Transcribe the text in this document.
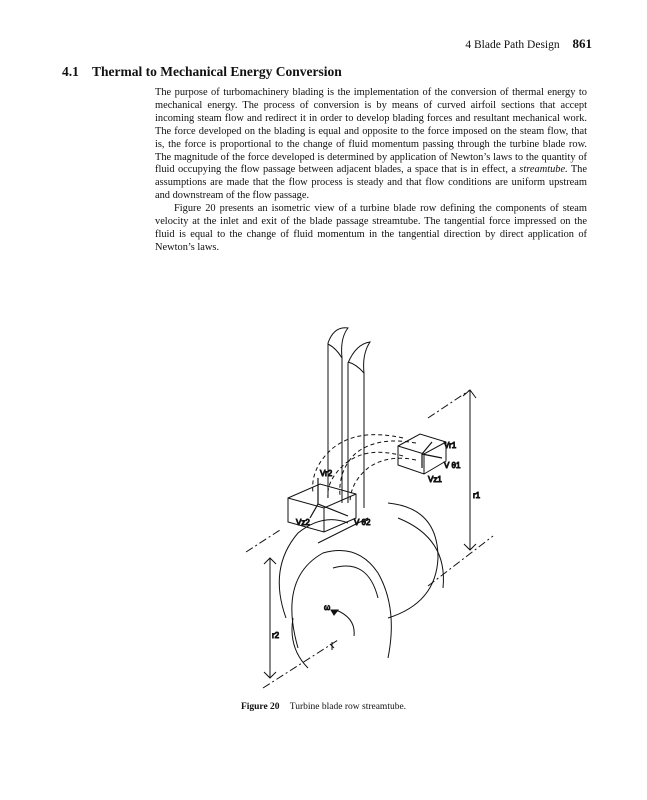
4 Blade Path Design 861
4.1 Thermal to Mechanical Energy Conversion

The purpose of turbomachinery blading is the implementation of the conversion of thermal energy to mechanical energy. The process of conversion is by means of curved airfoil sections that accept incoming steam flow and redirect it in order to develop blading forces and resultant mechanical work. The force developed on the blading is equal and opposite to the force imposed on the steam flow, that is, the force is proportional to the change of fluid momentum passing through the turbine blade row. The magnitude of the force developed is determined by application of Newton’s laws to the quantity of fluid occupying the flow passage between adjacent blades, a space that is in effect, a streamtube. The assumptions are made that the flow process is steady and that flow conditions are uniform upstream and downstream of the flow passage.

Figure 20 presents an isometric view of a turbine blade row defining the components of steam velocity at the inlet and exit of the blade passage streamtube. The tangential force impressed on the fluid is equal to the change of fluid momentum in the tangential direction by direct application of Newton’s laws.

Vr1
V θ1
Vz1
Vr2
Vz2	V θ2
r1
r2
ω
Figure 20 Turbine blade row streamtube.
